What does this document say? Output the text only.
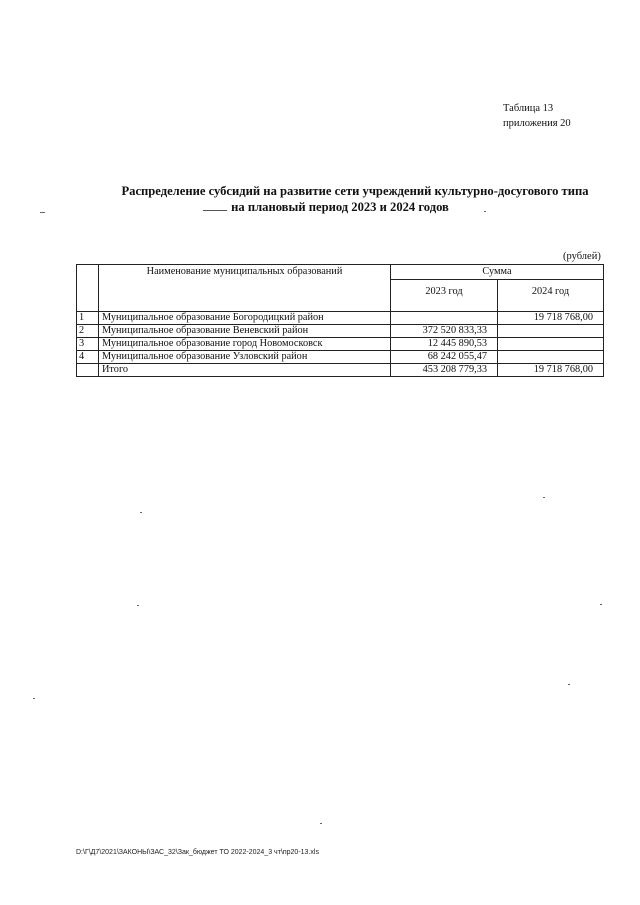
Таблица 13
приложения 20
Распределение субсидий на развитие сети учреждений культурно-досугового типа
на плановый период 2023 и 2024 годов
(рублей)
	Наименование муниципальных образований	Сумма	
		2023 год	2024 год
1	Муниципальное образование Богородицкий район		19 718 768,00
2	Муниципальное образование Веневский район	372 520 833,33	
3	Муниципальное образование город Новомосковск	12 445 890,53	
4	Муниципальное образование Узловский район	68 242 055,47	
	Итого	453 208 779,33	19 718 768,00
D:\Г\Д7\2021\ЗАКОНЫ\ЗАС_32\Зак_бюджет ТО 2022-2024_3 чт\пр20-13.xls
